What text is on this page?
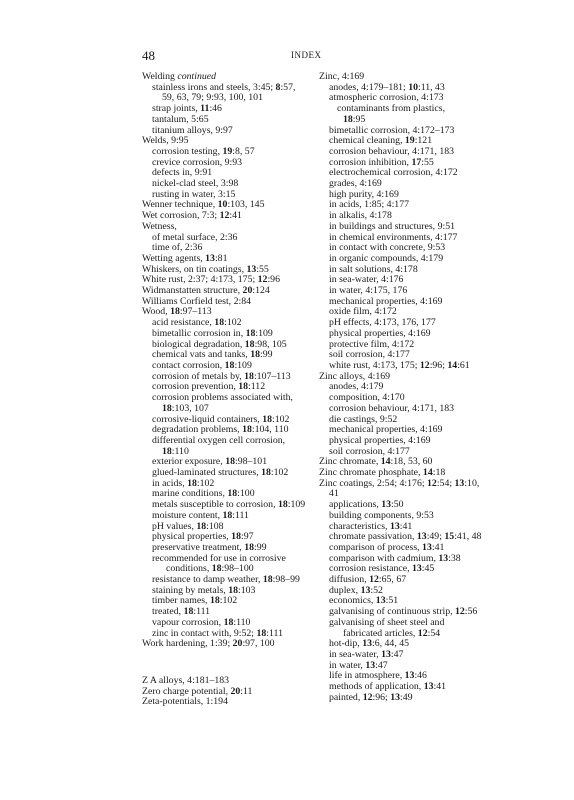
48	INDEX
Welding continued
stainless irons and steels, 3:45; 8:57, 59, 63, 79; 9:93, 100, 101
strap joints, 11:46
tantalum, 5:65
titanium alloys, 9:97
Welds, 9:95
corrosion testing, 19:8, 57
crevice corrosion, 9:93
defects in, 9:91
nickel-clad steel, 3:98
rusting in water, 3:15
Wenner technique, 10:103, 145
Wet corrosion, 7:3; 12:41
Wetness,
of metal surface, 2:36
time of, 2:36
Wetting agents, 13:81
Whiskers, on tin coatings, 13:55
White rust, 2:37; 4:173, 175; 12:96
Widmanstatten structure, 20:124
Williams Corfield test, 2:84
Wood, 18:97–113
acid resistance, 18:102
bimetallic corrosion in, 18:109
biological degradation, 18:98, 105
chemical vats and tanks, 18:99
contact corrosion, 18:109
corrosion of metals by, 18:107–113
corrosion prevention, 18:112
corrosion problems associated with, 18:103, 107
corrosive-liquid containers, 18:102
degradation problems, 18:104, 110
differential oxygen cell corrosion, 18:110
exterior exposure, 18:98–101
glued-laminated structures, 18:102
in acids, 18:102
marine conditions, 18:100
metals susceptible to corrosion, 18:109
moisture content, 18:111
pH values, 18:108
physical properties, 18:97
preservative treatment, 18:99
recommended for use in corrosive
conditions, 18:98–100
resistance to damp weather, 18:98–99
staining by metals, 18:103
timber names, 18:102
treated, 18:111
vapour corrosion, 18:110
zinc in contact with, 9:52; 18:111
Work hardening, 1:39; 20:97, 100
Z A alloys, 4:181–183
Zero charge potential, 20:11
Zeta-potentials, 1:194
Zinc, 4:169
anodes, 4:179–181; 10:11, 43
atmospheric corrosion, 4:173
contaminants from plastics,
18:95
bimetallic corrosion, 4:172–173
chemical cleaning, 19:121
corrosion behaviour, 4:171, 183
corrosion inhibition, 17:55
electrochemical corrosion, 4:172
grades, 4:169
high purity, 4:169
in acids, 1:85; 4:177
in alkalis, 4:178
in buildings and structures, 9:51
in chemical environments, 4:177
in contact with concrete, 9:53
in organic compounds, 4:179
in salt solutions, 4:178
in sea-water, 4:176
in water, 4:175, 176
mechanical properties, 4:169
oxide film, 4:172
pH effects, 4:173, 176, 177
physical properties, 4:169
protective film, 4:172
soil corrosion, 4:177
white rust, 4:173, 175; 12:96; 14:61
Zinc alloys, 4:169
anodes, 4:179
composition, 4:170
corrosion behaviour, 4:171, 183
die castings, 9:52
mechanical properties, 4:169
physical properties, 4:169
soil corrosion, 4:177
Zinc chromate, 14:18, 53, 60
Zinc chromate phosphate, 14:18
Zinc coatings, 2:54; 4:176; 12:54; 13:10, 41
applications, 13:50
building components, 9:53
characteristics, 13:41
chromate passivation, 13:49; 15:41, 48
comparison of process, 13:41
comparison with cadmium, 13:38
corrosion resistance, 13:45
diffusion, 12:65, 67
duplex, 13:52
economics, 13:51
galvanising of continuous strip, 12:56
galvanising of sheet steel and
fabricated articles, 12:54
hot-dip, 13:6, 44, 45
in sea-water, 13:47
in water, 13:47
life in atmosphere, 13:46
methods of application, 13:41
painted, 12:96; 13:49
